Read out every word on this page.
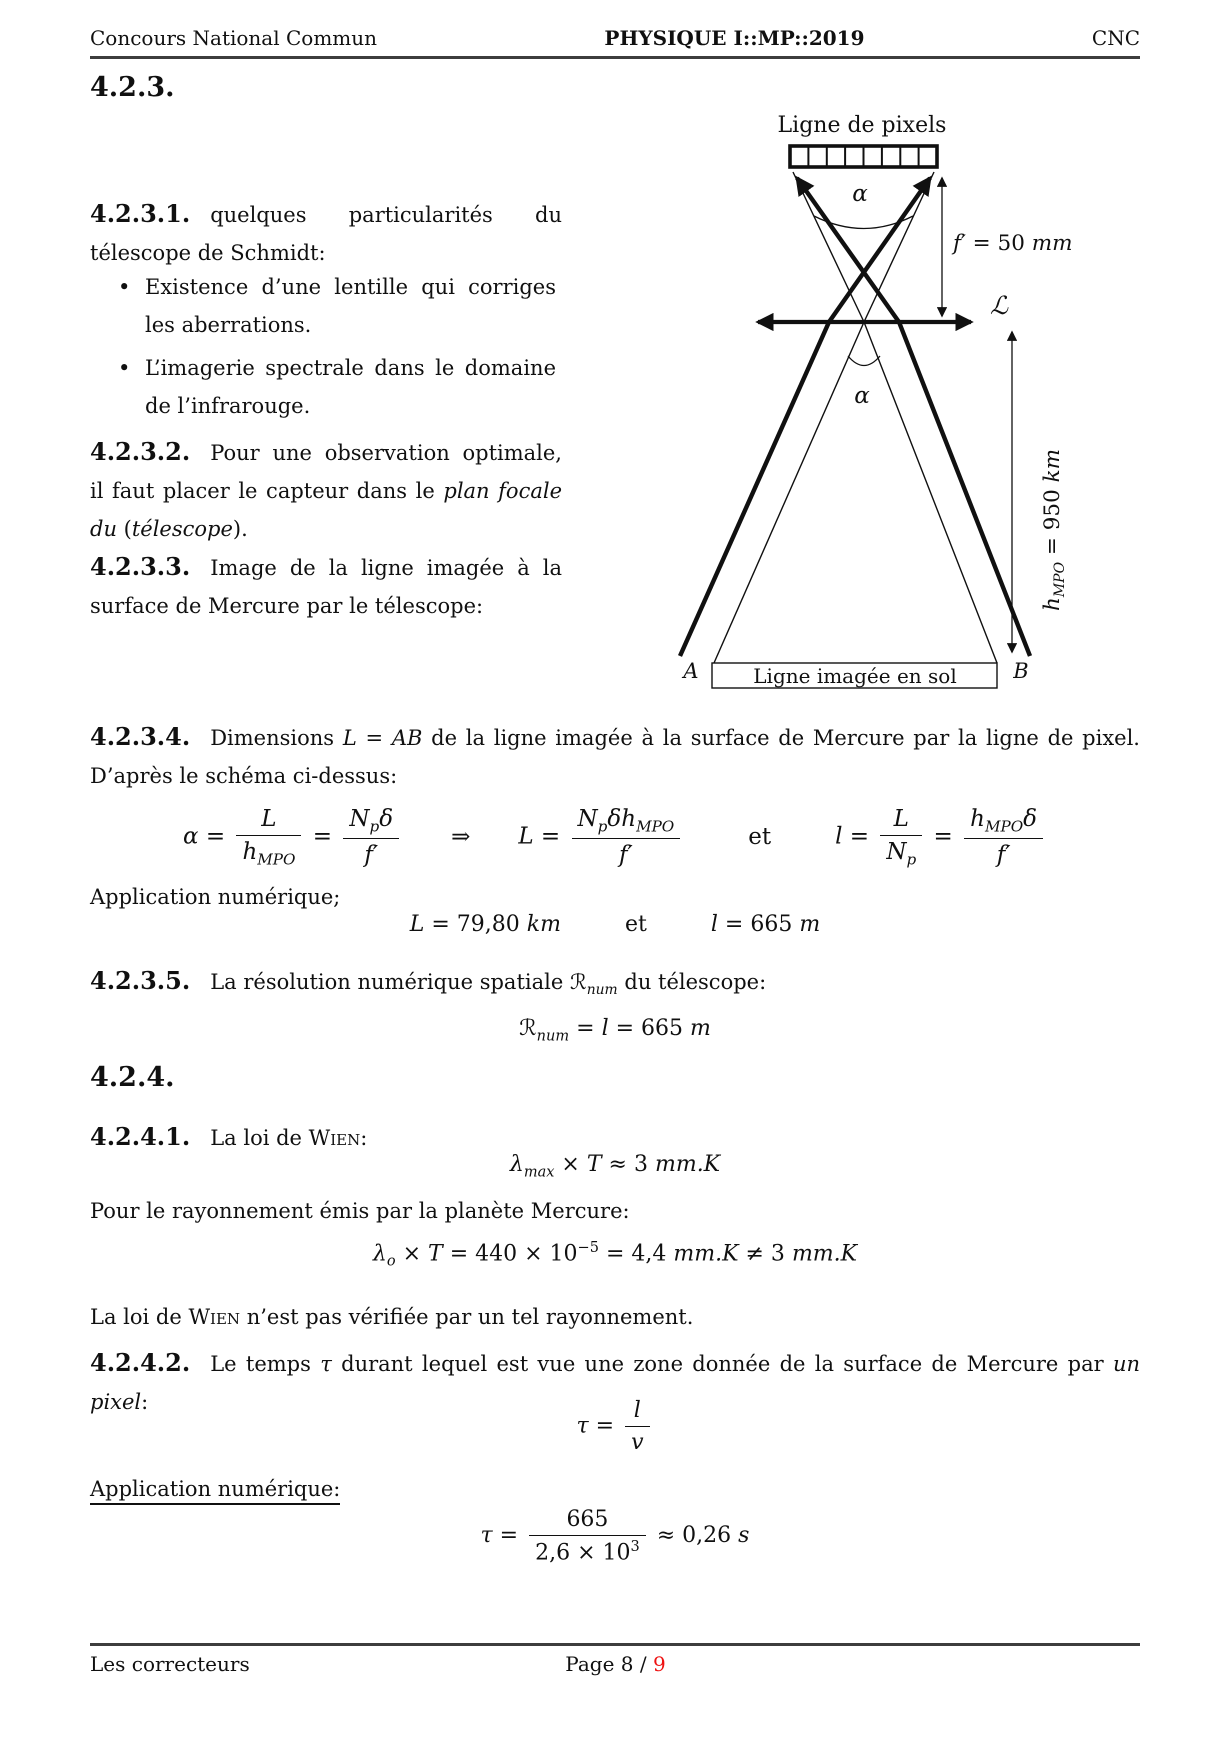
Concours National Commun	PHYSIQUE I::MP::2019	CNC
4.2.3.
Ligne de pixels
ℒ
α
α
f′ = 50 mm
$h_{MPO} = 950$ km
Ligne imagée en sol
A	B
4.2.3.1. quelques particularités du télescope de Schmidt:
• Existence d’une lentille qui corriges les aberrations.
• L’imagerie spectrale dans le domaine de l’infrarouge.
4.2.3.2. Pour une observation optimale, il faut placer le capteur dans le plan focale du (télescope).
4.2.3.3. Image de la ligne imagée à la surface de Mercure par le télescope:
4.2.3.4. Dimensions L = AB de la ligne imagée à la surface de Mercure par la ligne de pixel. D’après le schéma ci-dessus:
α =
L
$h_{MPO}$
=
$N_p\delta$
f′
⇒ L =
$N_p\delta h_{MPO}$
f′
et	$l = \frac{L}{N_p}$ =
$h_{MPO}\delta$
f′
Application numérique;
L = 79,80 km	et	l = 665 m
4.2.3.5. La résolution numérique spatiale ℛ$_{num}$ du télescope:
ℛ$_{num}$ = l = 665 m
4.2.4.
4.2.4.1. La loi de Wien:
$\lambda_{max} \times T \approx 3$ mm.K
Pour le rayonnement émis par la planète Mercure:
$\lambda_o \times T = 440 \times 10^{-5} = 4,4$ mm.K ≠ 3 mm.K
La loi de Wien n’est pas vérifiée par un tel rayonnement.
4.2.4.2. Le temps τ durant lequel est vue une zone donnée de la surface de Mercure par un pixel:
$\tau = \frac{l}{v}$
Application numérique:
$\tau = \frac{665}{2,6 \times 10^3} \approx 0,26$ s
Les correcteurs	Page 8 / 9
